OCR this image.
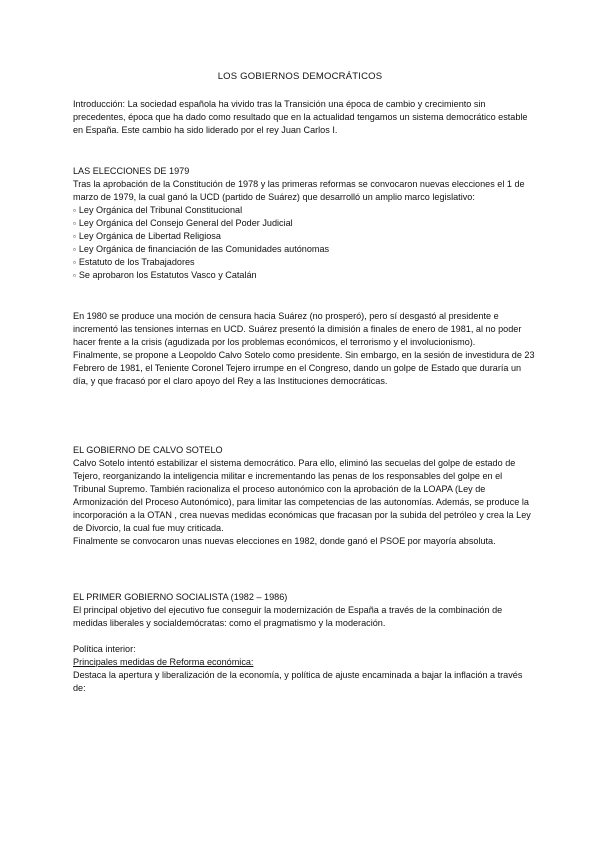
LOS GOBIERNOS DEMOCRÁTICOS

Introducción: La sociedad española ha vivido tras la Transición una época de cambio y crecimiento sin precedentes, época que ha dado como resultado que en la actualidad tengamos un sistema democrático estable en España. Este cambio ha sido liderado por el rey Juan Carlos I.

LAS ELECCIONES DE 1979

Tras la aprobación de la Constitución de 1978 y las primeras reformas se convocaron nuevas elecciones el 1 de marzo de 1979, la cual ganó la UCD (partido de Suárez) que desarrolló un amplio marco legislativo:

▫ Ley Orgánica del Tribunal Constitucional
▫ Ley Orgánica del Consejo General del Poder Judicial
▫ Ley Orgánica de Libertad Religiosa
▫ Ley Orgánica de financiación de las Comunidades autónomas
▫ Estatuto de los Trabajadores
▫ Se aprobaron los Estatutos Vasco y Catalán

En 1980 se produce una moción de censura hacia Suárez (no prosperó), pero sí desgastó al presidente e incrementó las tensiones internas en UCD. Suárez presentó la dimisión a finales de enero de 1981, al no poder hacer frente a la crisis (agudizada por los problemas económicos, el terrorismo y el involucionismo).

Finalmente, se propone a Leopoldo Calvo Sotelo como presidente. Sin embargo, en la sesión de investidura de 23 Febrero de 1981, el Teniente Coronel Tejero irrumpe en el Congreso, dando un golpe de Estado que duraría un día, y que fracasó por el claro apoyo del Rey a las Instituciones democráticas.

EL GOBIERNO DE CALVO SOTELO

Calvo Sotelo intentó estabilizar el sistema democrático. Para ello, eliminó las secuelas del golpe de estado de Tejero, reorganizando la inteligencia militar e incrementando las penas de los responsables del golpe en el Tribunal Supremo. También racionaliza el proceso autonómico con la aprobación de la LOAPA (Ley de Armonización del Proceso Autonómico), para limitar las competencias de las autonomías. Además, se produce la incorporación a la OTAN , crea nuevas medidas económicas que fracasan por la subida del petróleo y crea la Ley de Divorcio, la cual fue muy criticada.

Finalmente se convocaron unas nuevas elecciones en 1982, donde ganó el PSOE por mayoría absoluta.

EL PRIMER GOBIERNO SOCIALISTA (1982 – 1986)

El principal objetivo del ejecutivo fue conseguir la modernización de España a través de la combinación de medidas liberales y socialdemócratas: como el pragmatismo y la moderación.

Política interior:

Principales medidas de Reforma económica:

Destaca la apertura y liberalización de la economía, y política de ajuste encaminada a bajar la inflación a través de:
